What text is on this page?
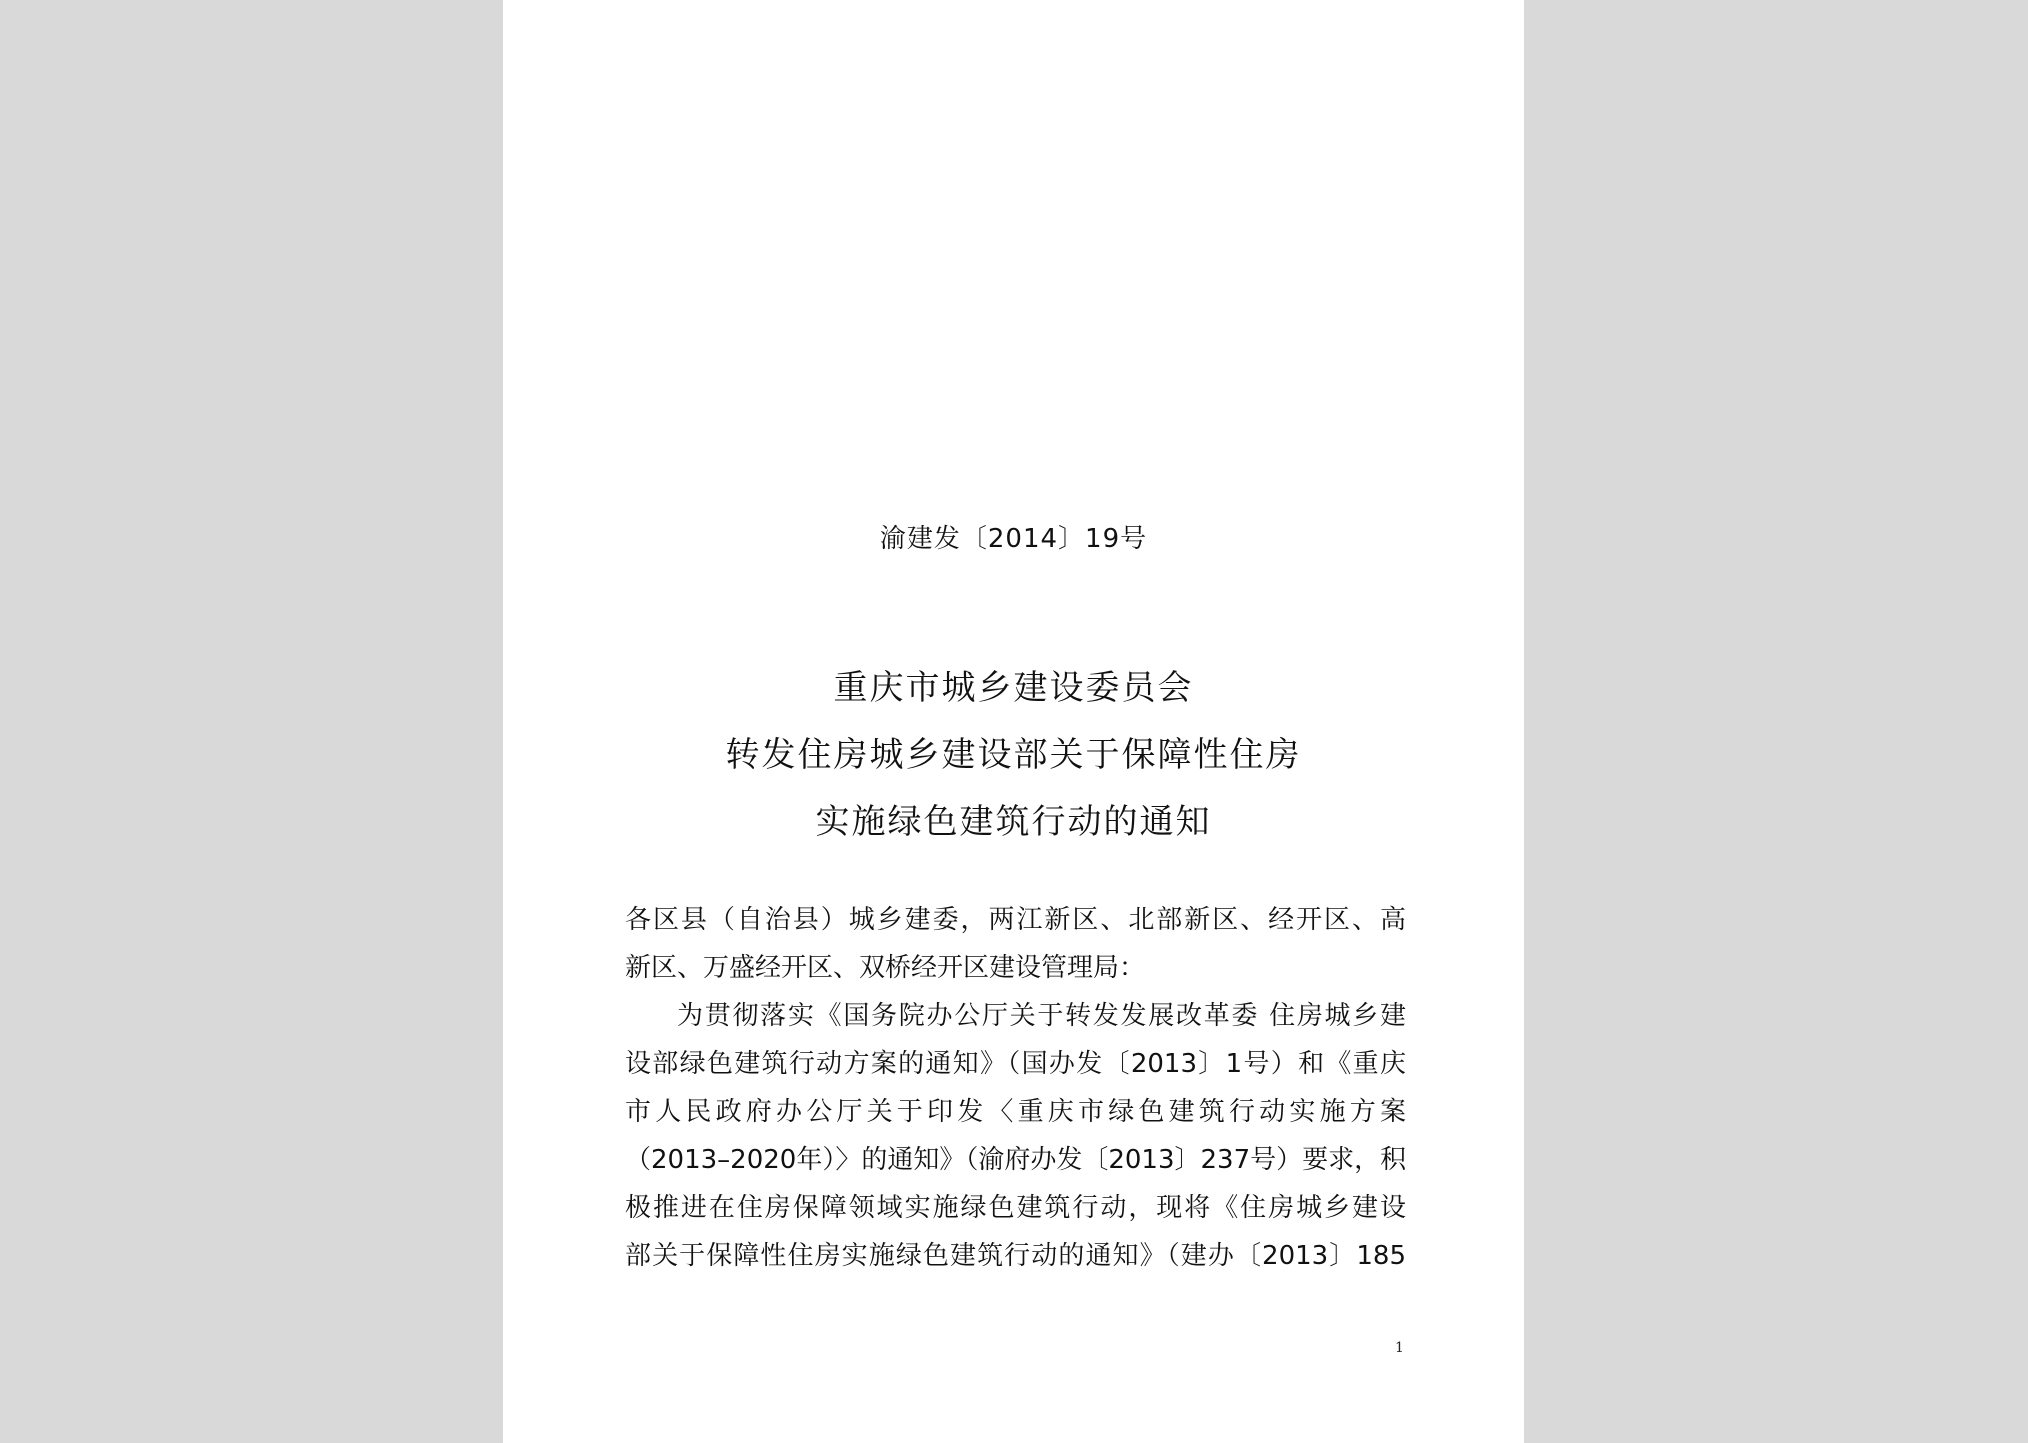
渝建发〔2014〕19号
重庆市城乡建设委员会
转发住房城乡建设部关于保障性住房
实施绿色建筑行动的通知
各区县（自治县）城乡建委，两江新区、北部新区、经开区、高
新区、万盛经开区、双桥经开区建设管理局：
为贯彻落实《国务院办公厅关于转发发展改革委 住房城乡建
设部绿色建筑行动方案的通知》（国办发〔2013〕1号）和《重庆
市人民政府办公厅关于印发〈重庆市绿色建筑行动实施方案
（2013–2020年）〉的通知》（渝府办发〔2013〕237号）要求，积
极推进在住房保障领域实施绿色建筑行动，现将《住房城乡建设
部关于保障性住房实施绿色建筑行动的通知》（建办〔2013〕185
1
